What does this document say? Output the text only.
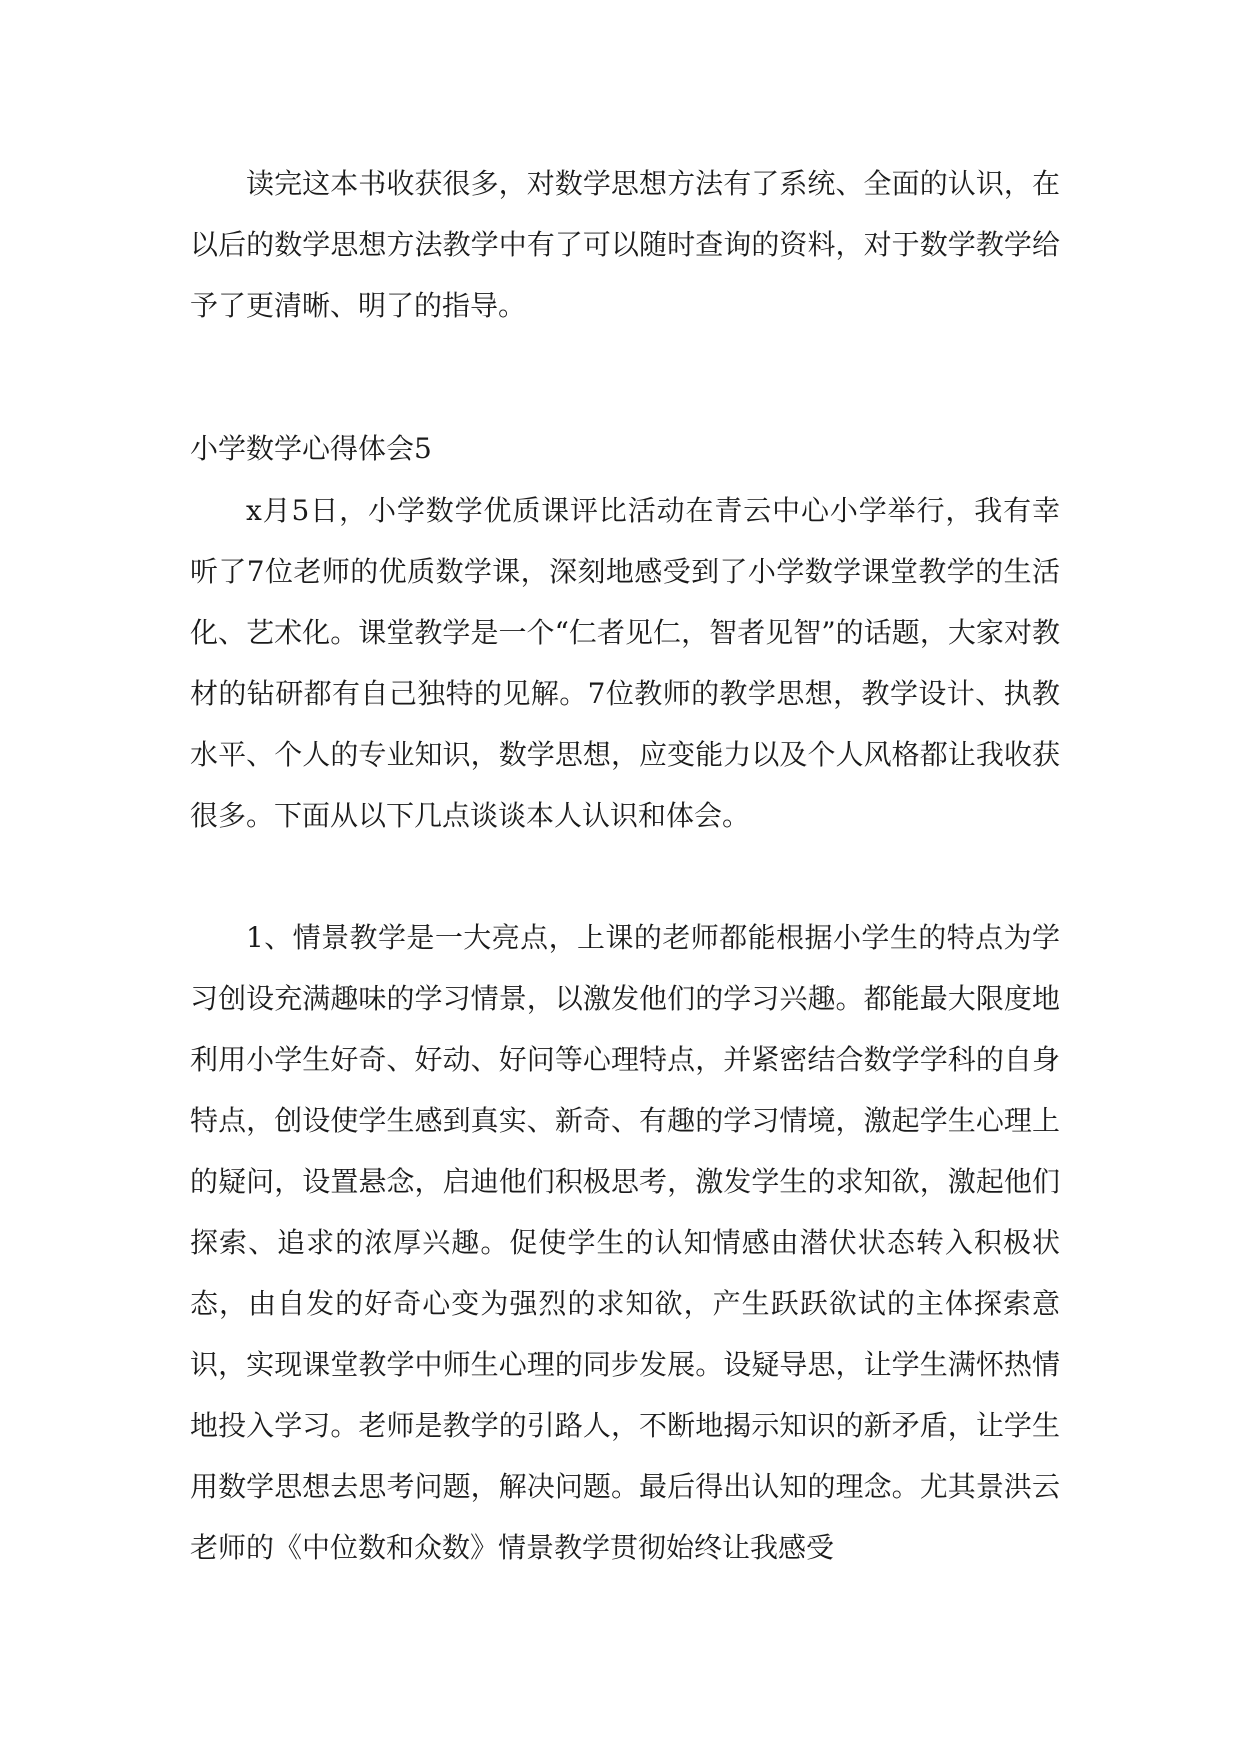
读完这本书收获很多，对数学思想方法有了系统、全面的认识，在以后的数学思想方法教学中有了可以随时查询的资料，对于数学教学给予了更清晰、明了的指导。

小学数学心得体会5

x月5日，小学数学优质课评比活动在青云中心小学举行，我有幸听了7位老师的优质数学课，深刻地感受到了小学数学课堂教学的生活化、艺术化。课堂教学是一个“仁者见仁，智者见智”的话题，大家对教材的钻研都有自己独特的见解。7位教师的教学思想，教学设计、执教水平、个人的专业知识，数学思想，应变能力以及个人风格都让我收获很多。下面从以下几点谈谈本人认识和体会。

1、情景教学是一大亮点，上课的老师都能根据小学生的特点为学习创设充满趣味的学习情景，以激发他们的学习兴趣。都能最大限度地利用小学生好奇、好动、好问等心理特点，并紧密结合数学学科的自身特点，创设使学生感到真实、新奇、有趣的学习情境，激起学生心理上的疑问，设置悬念，启迪他们积极思考，激发学生的求知欲，激起他们探索、追求的浓厚兴趣。促使学生的认知情感由潜伏状态转入积极状态，由自发的好奇心变为强烈的求知欲，产生跃跃欲试的主体探索意识，实现课堂教学中师生心理的同步发展。设疑导思，让学生满怀热情地投入学习。老师是教学的引路人，不断地揭示知识的新矛盾，让学生用数学思想去思考问题，解决问题。最后得出认知的理念。尤其景洪云老师的《中位数和众数》情景教学贯彻始终让我感受
